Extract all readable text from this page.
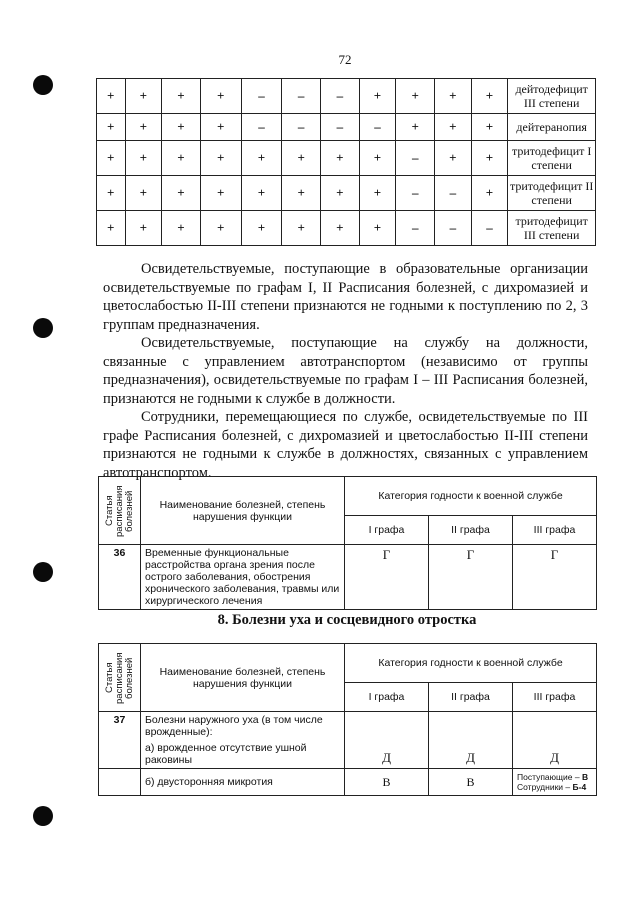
72
+	+	+	+	–	–	–	+	+	+	+	дейтодефицит III степени
+	+	+	+	–	–	–	–	+	+	+	дейтеранопия
+	+	+	+	+	+	+	+	–	+	+	тритодефицит I степени
+	+	+	+	+	+	+	+	–	–	+	тритодефицит II степени
+	+	+	+	+	+	+	+	–	–	–	тритодефицит III степени

Освидетельствуемые, поступающие в образовательные организации освидетельствуемые по графам I, II Расписания болезней, с дихромазией и цветослабостью II-III степени признаются не годными к поступлению по 2, 3 группам предназначения.

Освидетельствуемые, поступающие на службу на должности, связанные с управлением автотранспортом (независимо от группы предназначения), освидетельствуемые по графам I – III Расписания болезней, признаются не годными к службе в должности.

Сотрудники, перемещающиеся по службе, освидетельствуемые по III графе Расписания болезней, с дихромазией и цветослабостью II-III степени признаются не годными к службе в должностях, связанных с управлением автотранспортом.

Статья расписания болезней	Наименование болезней, степень нарушения функции	Категория годности к военной службе		
		I графа	II графа	III графа
36	Временные функциональные расстройства органа зрения после острого заболевания, обострения хронического заболевания, травмы или хирургического лечения	Г	Г	Г
8. Болезни уха и сосцевидного отростка
Статья расписания болезней	Наименование болезней, степень нарушения функции	Категория годности к военной службе		
		I графа	II графа	III графа
37	Болезни наружного уха (в том числе врожденные):			
	а) врожденное отсутствие ушной раковины	Д	Д	Д
	б) двусторонняя микротия	В	В	Поступающие – В
Сотрудники – Б-4
